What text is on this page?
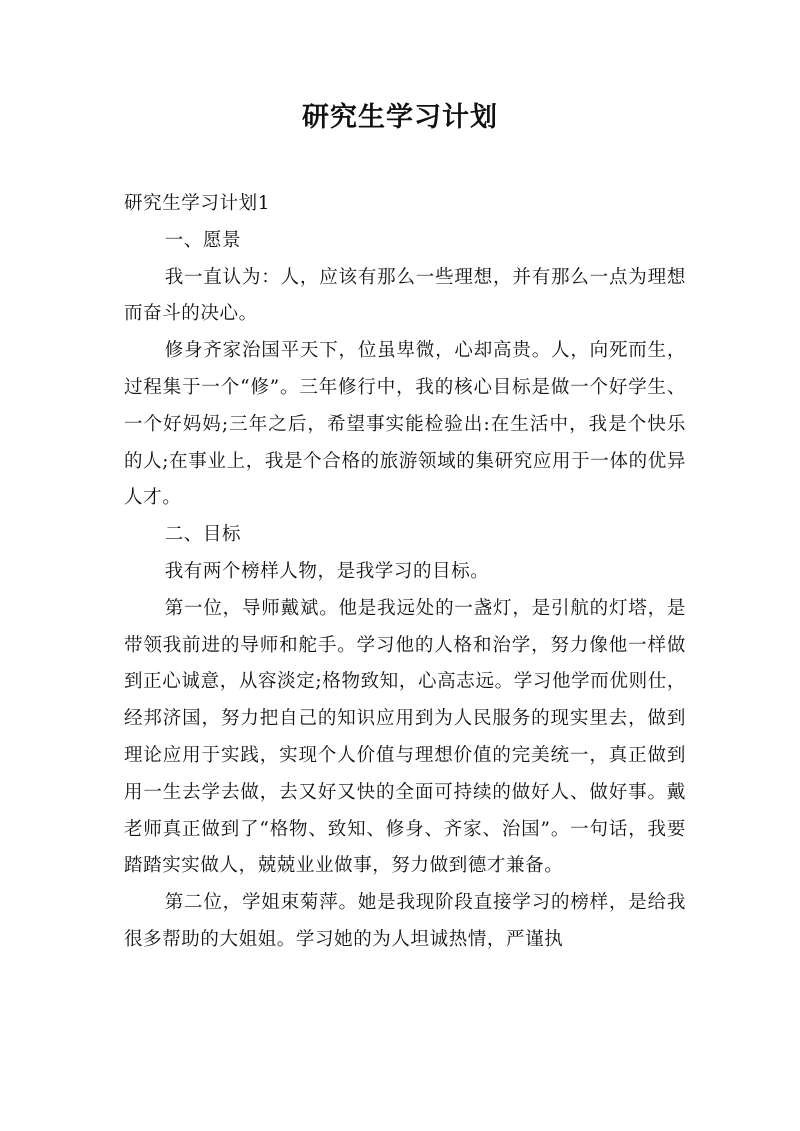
研究生学习计划

研究生学习计划1

一、愿景

我一直认为：人，应该有那么一些理想，并有那么一点为理想而奋斗的决心。

修身齐家治国平天下，位虽卑微，心却高贵。人，向死而生，过程集于一个“修”。三年修行中，我的核心目标是做一个好学生、一个好妈妈;三年之后，希望事实能检验出:在生活中，我是个快乐的人;在事业上，我是个合格的旅游领域的集研究应用于一体的优异人才。

二、目标

我有两个榜样人物，是我学习的目标。

第一位，导师戴斌。他是我远处的一盏灯，是引航的灯塔，是带领我前进的导师和舵手。学习他的人格和治学，努力像他一样做到正心诚意，从容淡定;格物致知，心高志远。学习他学而优则仕，经邦济国，努力把自己的知识应用到为人民服务的现实里去，做到理论应用于实践，实现个人价值与理想价值的完美统一，真正做到用一生去学去做，去又好又快的全面可持续的做好人、做好事。戴老师真正做到了“格物、致知、修身、齐家、治国”。一句话，我要踏踏实实做人，兢兢业业做事，努力做到德才兼备。

第二位，学姐束菊萍。她是我现阶段直接学习的榜样，是给我很多帮助的大姐姐。学习她的为人坦诚热情，严谨执
